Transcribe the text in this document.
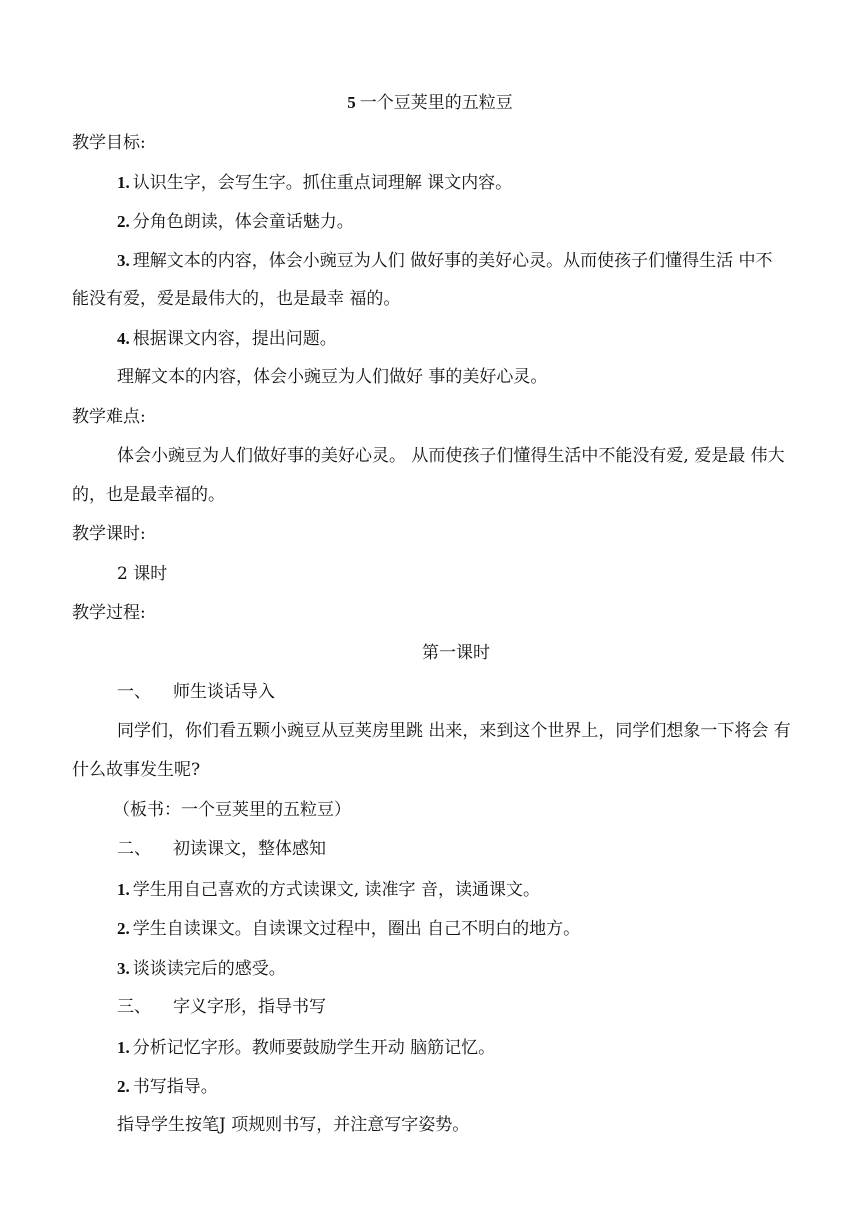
5 一个豆荚里的五粒豆
教学目标:
1. 认识生字，会写生字。抓住重点词理解 课文内容。
2. 分角色朗读，体会童话魅力。
3. 理解文本的内容，体会小豌豆为人们 做好事的美好心灵。从而使孩子们懂得生活 中不
能没有爱，爱是最伟大的，也是最幸 福的。
4. 根据课文内容，提出问题。
理解文本的内容，体会小豌豆为人们做好 事的美好心灵。
教学难点:
体会小豌豆为人们做好事的美好心灵。 从而使孩子们懂得生活中不能没有爱, 爱是最 伟大
的，也是最幸福的。
教学课时:
2 课时
教学过程:
第一课时
一、 师生谈话导入
同学们，你们看五颗小豌豆从豆荚房里跳 出来，来到这个世界上，同学们想象一下将会 有
什么故事发生呢?
（板书：一个豆荚里的五粒豆）
二、 初读课文，整体感知
1. 学生用自己喜欢的方式读课文, 读准字 音，读通课文。
2. 学生自读课文。自读课文过程中，圈出 自己不明白的地方。
3. 谈谈读完后的感受。
三、 字义字形，指导书写
1. 分析记忆字形。教师要鼓励学生开动 脑筋记忆。
2. 书写指导。
指导学生按笔J 项规则书写，并注意写字姿势。
